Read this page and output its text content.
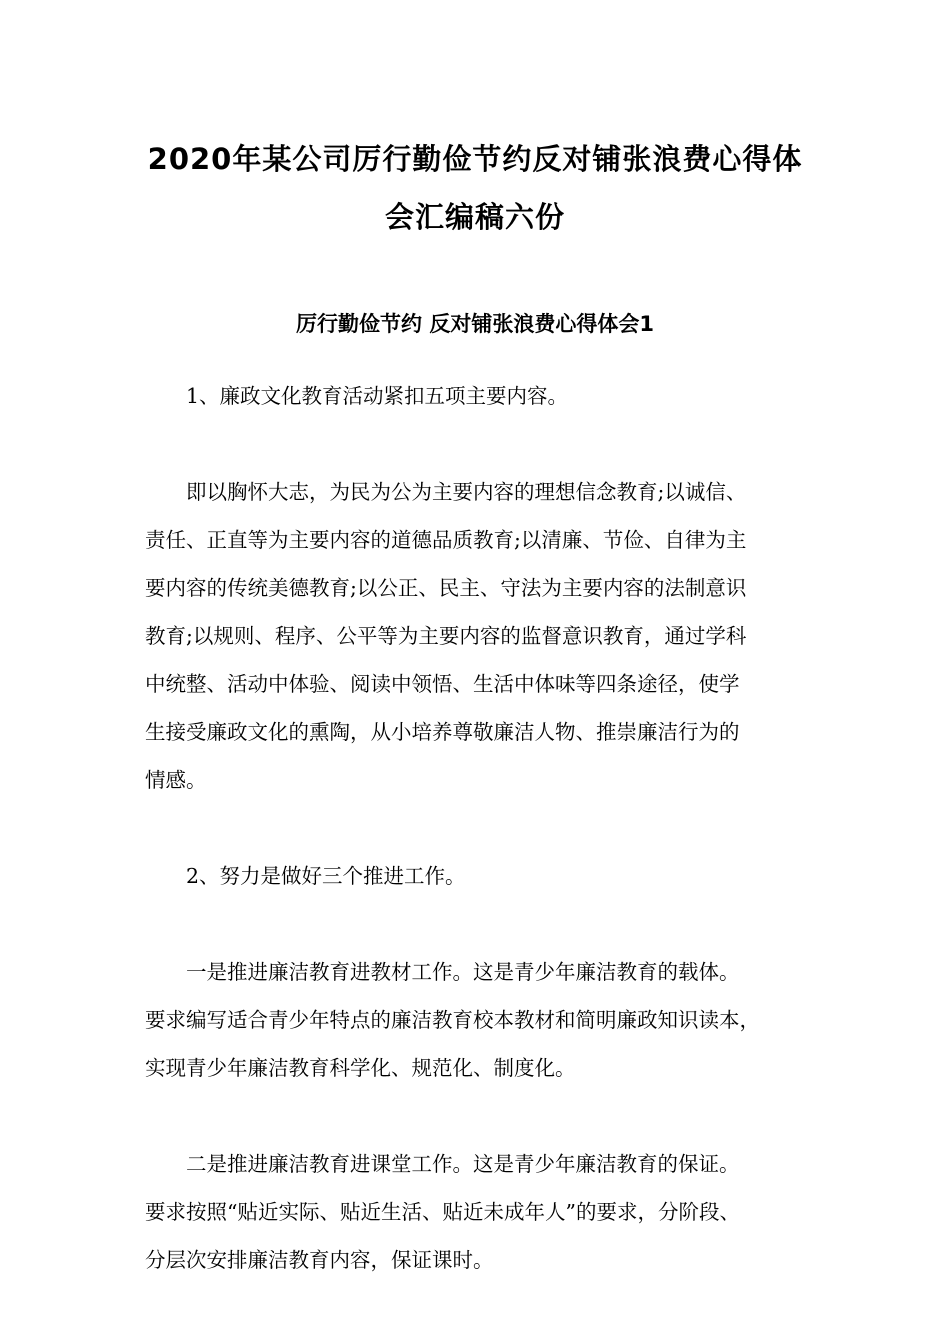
2020年某公司厉行勤俭节约反对铺张浪费心得体
会汇编稿六份
厉行勤俭节约 反对铺张浪费心得体会1

1、廉政文化教育活动紧扣五项主要内容。

即以胸怀大志，为民为公为主要内容的理想信念教育;以诚信、
责任、正直等为主要内容的道德品质教育;以清廉、节俭、自律为主
要内容的传统美德教育;以公正、民主、守法为主要内容的法制意识
教育;以规则、程序、公平等为主要内容的监督意识教育，通过学科
中统整、活动中体验、阅读中领悟、生活中体味等四条途径，使学
生接受廉政文化的熏陶，从小培养尊敬廉洁人物、推崇廉洁行为的
情感。

2、努力是做好三个推进工作。

一是推进廉洁教育进教材工作。这是青少年廉洁教育的载体。
要求编写适合青少年特点的廉洁教育校本教材和简明廉政知识读本，
实现青少年廉洁教育科学化、规范化、制度化。

二是推进廉洁教育进课堂工作。这是青少年廉洁教育的保证。
要求按照“贴近实际、贴近生活、贴近未成年人”的要求，分阶段、
分层次安排廉洁教育内容，保证课时。
